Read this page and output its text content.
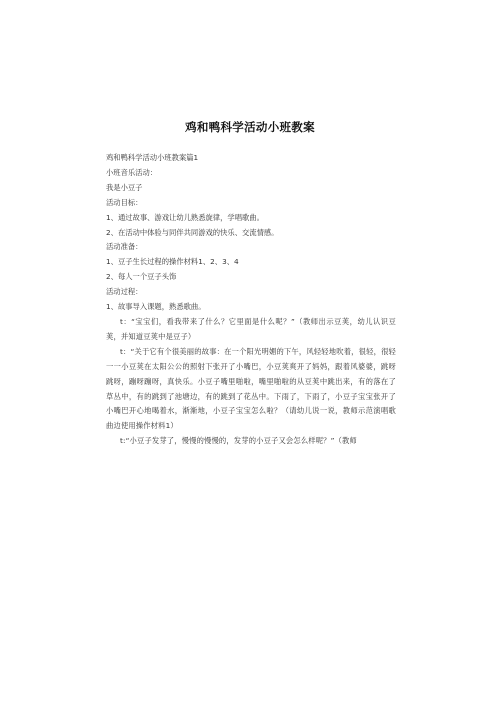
鸡和鸭科学活动小班教案

鸡和鸭科学活动小班教案篇1

小班音乐活动：

我是小豆子

活动目标：

1、通过故事、游戏让幼儿熟悉旋律，学唱歌曲。

2、在活动中体验与同伴共同游戏的快乐、交流情感。

活动准备：

1、豆子生长过程的操作材料1、2、3、4

2、每人一个豆子头饰

活动过程：

1、故事导入课题，熟悉歌曲。

t：“宝宝们，看我带来了什么？它里面是什么呢？”（教师出示豆荚，幼儿认识豆荚，并知道豆荚中是豆子）

t：“关于它有个很美丽的故事：在一个阳光明媚的下午，风轻轻地吹着，很轻，很轻一一小豆荚在太阳公公的照射下张开了小嘴巴，小豆荚爽开了妈妈，跟着风婆婆，跳呀跳呀，蹦呀蹦呀，真快乐。小豆子嘴里啪啦，嘴里啪啦的从豆荚中跳出来，有的落在了草丛中，有的跳到了池塘边，有的跳到了花丛中。下雨了，下雨了，小豆子宝宝张开了小嘴巴开心地喝着水，渐渐地，小豆子宝宝怎么啦？（请幼儿说一说，教师示范演唱歌曲边使用操作材料1）

t:“小豆子发芽了，慢慢的慢慢的，发芽的小豆子又会怎么样呢？”（教师
